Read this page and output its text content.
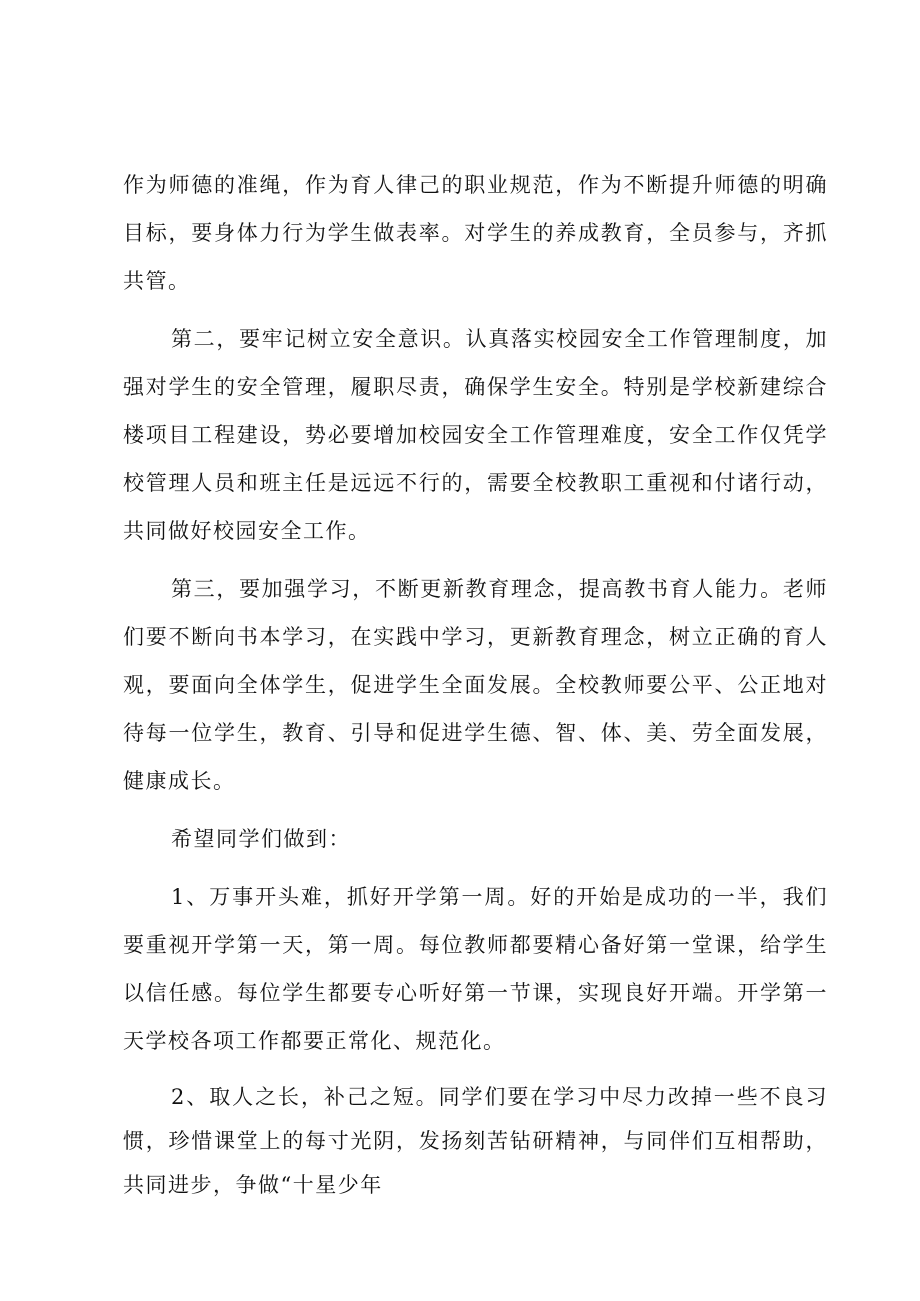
作为师德的准绳，作为育人律己的职业规范，作为不断提升师德的明确目标，要身体力行为学生做表率。对学生的养成教育，全员参与，齐抓共管。

第二，要牢记树立安全意识。认真落实校园安全工作管理制度，加强对学生的安全管理，履职尽责，确保学生安全。特别是学校新建综合楼项目工程建设，势必要增加校园安全工作管理难度，安全工作仅凭学校管理人员和班主任是远远不行的，需要全校教职工重视和付诸行动，共同做好校园安全工作。

第三，要加强学习，不断更新教育理念，提高教书育人能力。老师们要不断向书本学习，在实践中学习，更新教育理念，树立正确的育人观，要面向全体学生，促进学生全面发展。全校教师要公平、公正地对待每一位学生，教育、引导和促进学生德、智、体、美、劳全面发展，健康成长。

希望同学们做到：

1、万事开头难，抓好开学第一周。好的开始是成功的一半，我们要重视开学第一天，第一周。每位教师都要精心备好第一堂课，给学生以信任感。每位学生都要专心听好第一节课，实现良好开端。开学第一天学校各项工作都要正常化、规范化。

2、取人之长，补己之短。同学们要在学习中尽力改掉一些不良习惯，珍惜课堂上的每寸光阴，发扬刻苦钻研精神，与同伴们互相帮助，共同进步，争做“十星少年
